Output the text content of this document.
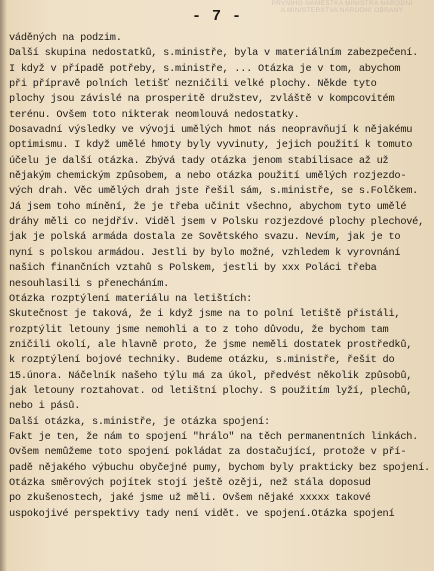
PRVNÍHO NÁMĚSTKA MINISTRA NÁRODNÍ
A MINISTERSTVA NÁRODNÍ OBRANY
- 7 -
váděných na podzim.
Další skupina nedostatků, s.ministře, byla v materiálním zabezpečení.
I když v případě potřeby, s.ministře, ... Otázka je v tom, abychom
při přípravě polních letišť nezničili velké plochy. Někde tyto
plochy jsou závislé na prosperitě družstev, zvláště v kompcovitém
terénu. Ovšem toto nikterak neomlouvá nedostatky.
Dosavadní výsledky ve vývoji umělých hmot nás neopravňují k nějakému
optimismu. I když umělé hmoty byly vyvinuty, jejich použití k tomuto
účelu je další otázka. Zbývá tady otázka jenom stabilisace až už
nějakým chemickým způsobem, a nebo otázka použití umělých rozjezdo-
vých drah. Věc umělých drah jste řešil sám, s.ministře, se s.Folčkem.
Já jsem toho mínění, že je třeba učinit všechno, abychom tyto umělé
dráhy měli co nejdřív. Viděl jsem v Polsku rozjezdové plochy plechové,
jak je polská armáda dostala ze Sovětského svazu. Nevím, jak je to
nyní s polskou armádou. Jestli by bylo možné, vzhledem k vyrovnání
našich finančních vztahů s Polskem, jestli by xxx Poláci třeba
nesouhlasili s přenecháním.
Otázka rozptýlení materiálu na letištích:
Skutečnost je taková, že i když jsme na to polní letiště přistáli,
rozptýlit letouny jsme nemohli a to z toho důvodu, že bychom tam
zničili okolí, ale hlavně proto, že jsme neměli dostatek prostředků,
k rozptýlení bojové techniky. Budeme otázku, s.ministře, řešit do
15.února. Náčelník našeho týlu má za úkol, předvést několik způsobů,
jak letouny roztahovat. od letištní plochy. S použitím lyží, plechů,
nebo i pásů.
Další otázka, s.ministře, je otázka spojení:
Fakt je ten, že nám to spojení "hrálo" na těch permanentních linkách.
Ovšem nemůžeme toto spojení pokládat za dostačující, protože v pří-
padě nějakého výbuchu obyčejné pumy, bychom byly prakticky bez spojení.
Otázka směrových pojítek stojí ještě ozěji, než stála doposud
po zkušenostech, jaké jsme už měli. Ovšem nějaké xxxxx takové
uspokojivé perspektivy tady není vidět. ve spojení.Otázka spojení
